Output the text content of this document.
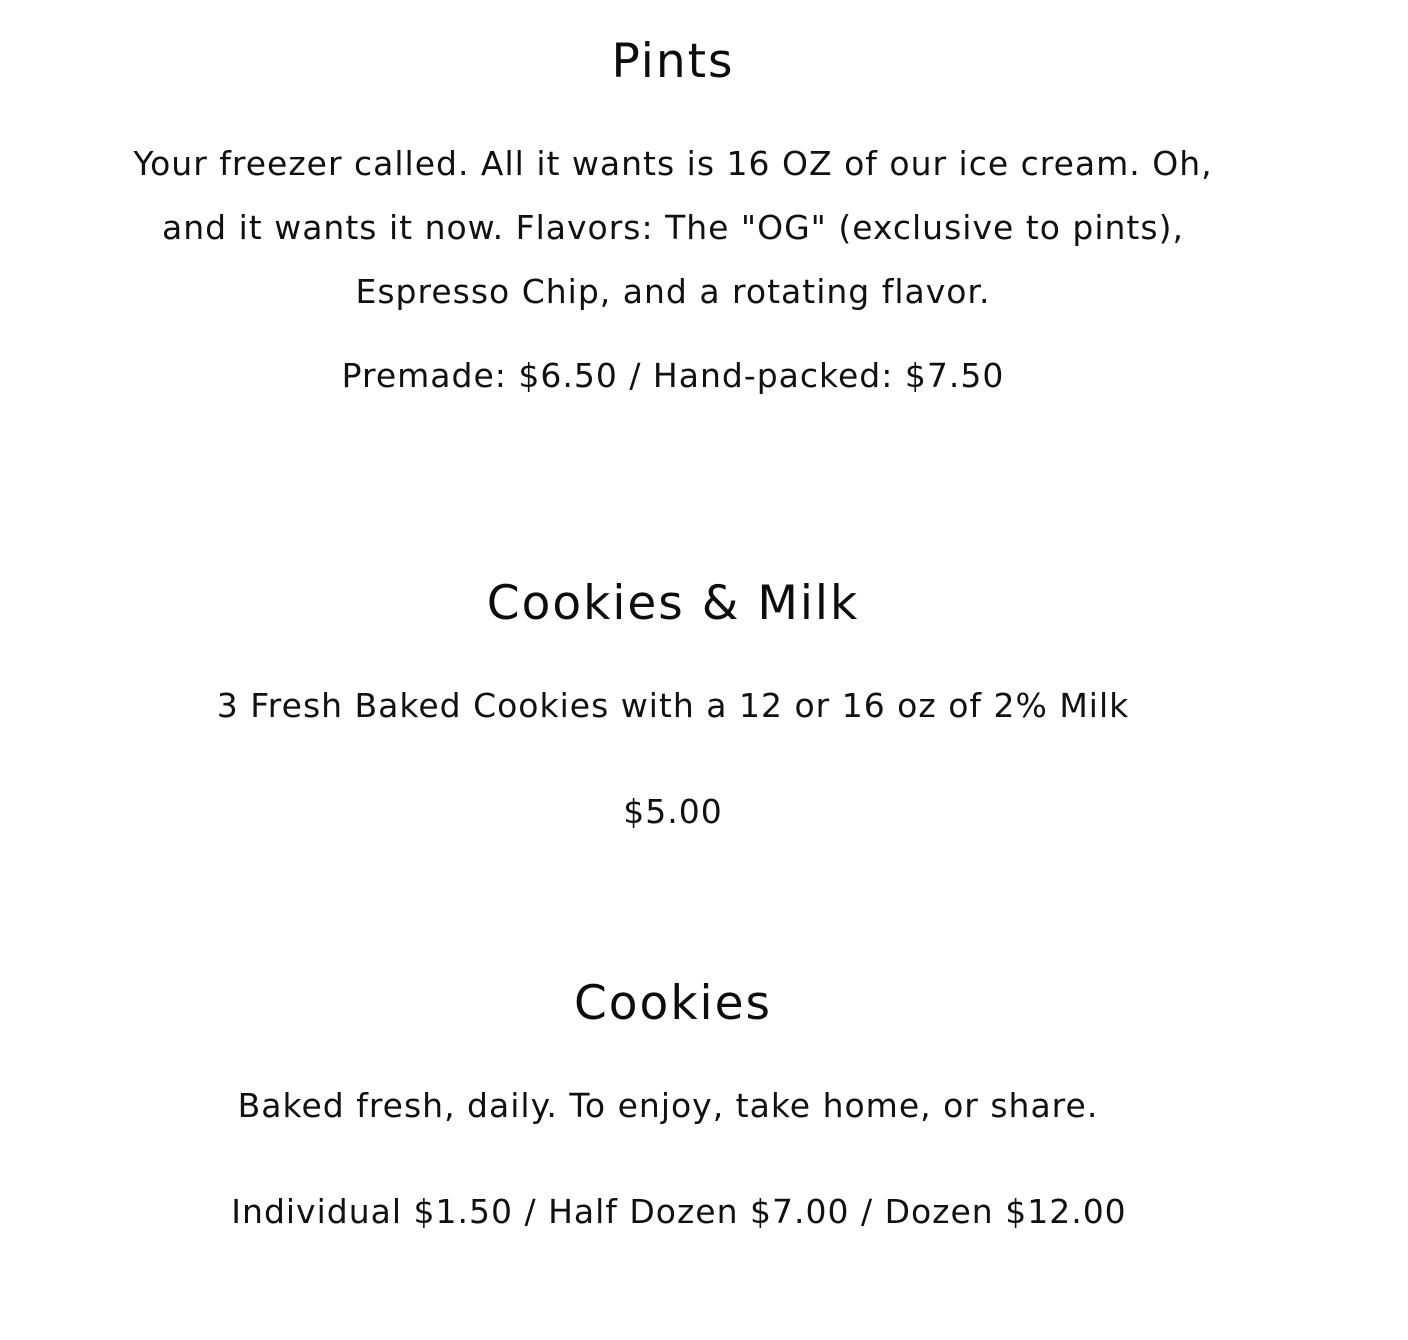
Pints

Your freezer called. All it wants is 16 OZ of our ice cream. Oh, and it wants it now. Flavors: The "OG" (exclusive to pints), Espresso Chip, and a rotating flavor.

Premade: $6.50 / Hand-packed: $7.50

Cookies & Milk

3 Fresh Baked Cookies with a 12 or 16 oz of 2% Milk

$5.00

Cookies

Baked fresh, daily. To enjoy, take home, or share.

Individual $1.50 / Half Dozen $7.00 / Dozen $12.00
